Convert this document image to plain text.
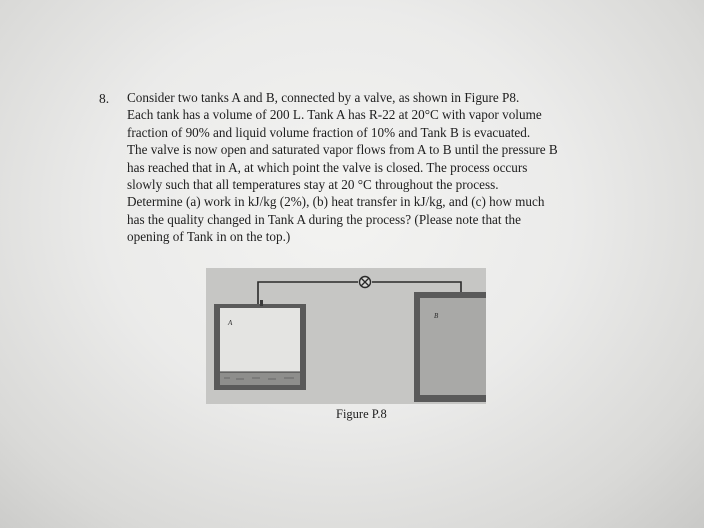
8. Consider two tanks A and B, connected by a valve, as shown in Figure P8.
Each tank has a volume of 200 L. Tank A has R-22 at 20°C with vapor volume
fraction of 90% and liquid volume fraction of 10% and Tank B is evacuated.
The valve is now open and saturated vapor flows from A to B until the pressure B
has reached that in A, at which point the valve is closed. The process occurs
slowly such that all temperatures stay at 20 °C throughout the process.
Determine (a) work in kJ/kg (2%), (b) heat transfer in kJ/kg, and (c) how much
has the quality changed in Tank A during the process? (Please note that the
opening of Tank in on the top.)
A
B
Figure P.8
